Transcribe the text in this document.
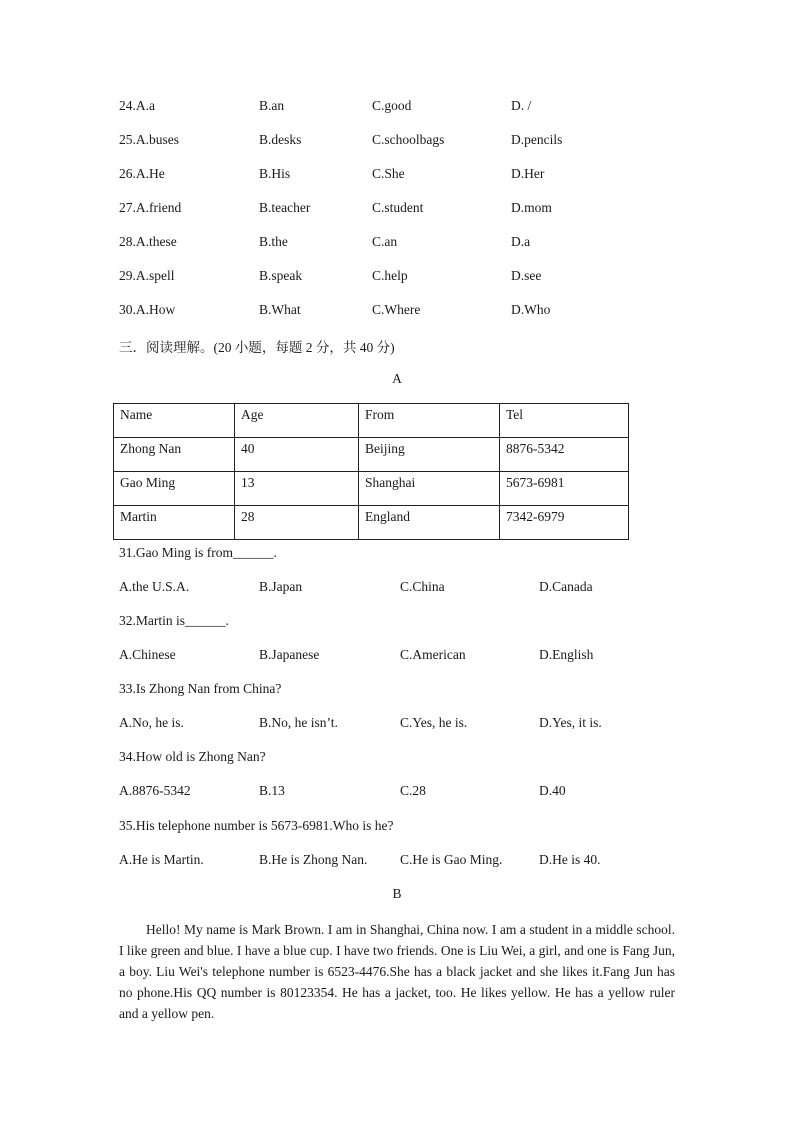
24.A.a	B.an	C.good	D. /
25.A.buses	B.desks	C.schoolbags	D.pencils
26.A.He	B.His	C.She	D.Her
27.A.friend	B.teacher	C.student	D.mom
28.A.these	B.the	C.an	D.a
29.A.spell	B.speak	C.help	D.see
30.A.How	B.What	C.Where	D.Who
三．阅读理解。(20 小题，每题 2 分，共 40 分)
A
Name	Age	From	Tel
Zhong Nan	40	Beijing	8876-5342
Gao Ming	13	Shanghai	5673-6981
Martin	28	England	7342-6979
31.Gao Ming is from______.
A.the U.S.A.	B.Japan	C.China	D.Canada
32.Martin is______.
A.Chinese	B.Japanese	C.American	D.English
33.Is Zhong Nan from China?
A.No, he is.	B.No, he isn’t.	C.Yes, he is.	D.Yes, it is.
34.How old is Zhong Nan?
A.8876-5342	B.13	C.28	D.40
35.His telephone number is 5673-6981.Who is he?
A.He is Martin.	B.He is Zhong Nan. C.He is Gao Ming.	D.He is 40.
B
Hello! My name is Mark Brown. I am in Shanghai, China now. I am a student in a middle school. I like green and blue. I have a blue cup. I have two friends. One is Liu Wei, a girl, and one is Fang Jun, a boy. Liu Wei's telephone number is 6523-4476.She has a black jacket and she likes it.Fang Jun has no phone.His QQ number is 80123354. He has a jacket, too. He likes yellow. He has a yellow ruler and a yellow pen.
